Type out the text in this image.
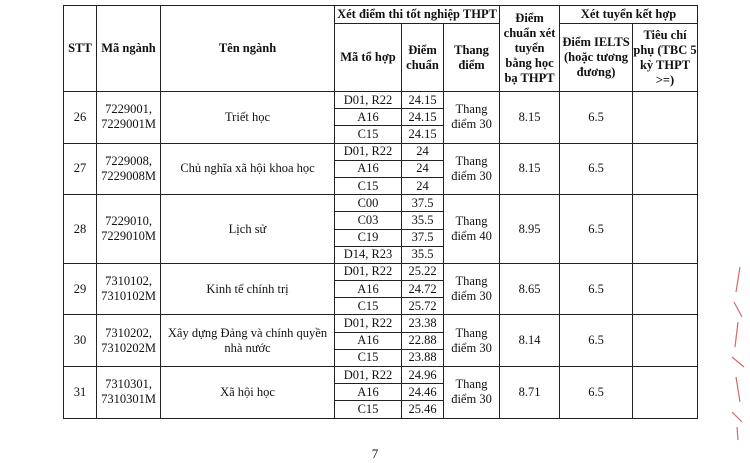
STT	Mã ngành	Tên ngành	Xét điểm thi tốt nghiệp THPT			Điểm chuẩn xét tuyển bằng học bạ THPT	Xét tuyển kết hợp	
			Mã tổ hợp	Điểm chuẩn	Thang điểm		Điểm IELTS (hoặc tương đương)	Tiêu chí phụ (TBC 5 kỳ THPT >=)
26	7229001, 7229001M	Triết học	D01, R22	24.15	Thang điểm 30	8.15	6.5	
			A16	24.15				
			C15	24.15				
27	7229008, 7229008M	Chủ nghĩa xã hội khoa học	D01, R22	24	Thang điểm 30	8.15	6.5	
			A16	24				
			C15	24				
28	7229010, 7229010M	Lịch sử	C00	37.5	Thang điểm 40	8.95	6.5	
			C03	35.5				
			C19	37.5				
			D14, R23	35.5				
29	7310102, 7310102M	Kinh tế chính trị	D01, R22	25.22	Thang điểm 30	8.65	6.5	
			A16	24.72				
			C15	25.72				
30	7310202, 7310202M	Xây dựng Đảng và chính quyền nhà nước	D01, R22	23.38	Thang điểm 30	8.14	6.5	
			A16	22.88				
			C15	23.88				
31	7310301, 7310301M	Xã hội học	D01, R22	24.96	Thang điểm 30	8.71	6.5	
			A16	24.46				
			C15	25.46				
7
